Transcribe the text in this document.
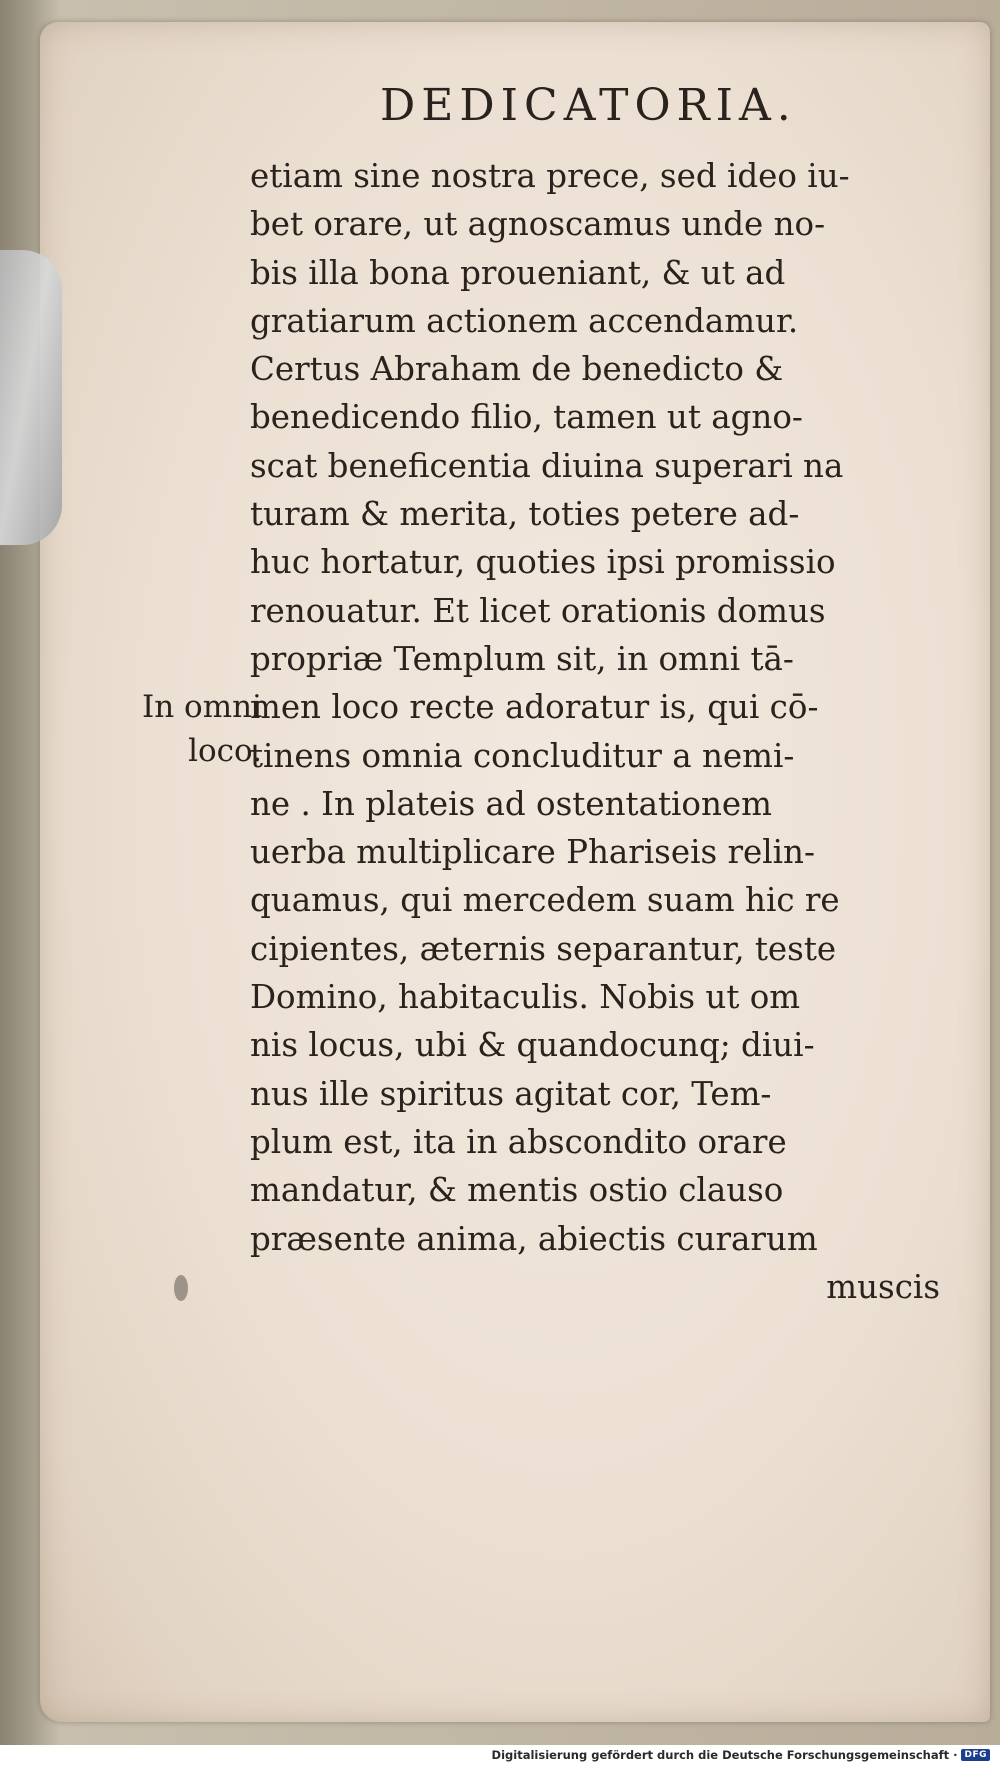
DEDICATORIA.
In omni
loco.
etiam sine nostra prece, sed ideo iu-
bet orare, ut agnoscamus unde no-
bis illa bona proueniant, & ut ad
gratiarum actionem accendamur.
Certus Abraham de benedicto &
benedicendo filio, tamen ut agno-
scat beneficentia diuina superari na
turam & merita, toties petere ad-
huc hortatur, quoties ipsi promissio
renouatur. Et licet orationis domus
propriæ Templum sit, in omni tā-
men loco recte adoratur is, qui cō-
tinens omnia concluditur a nemi-
ne . In plateis ad ostentationem
uerba multiplicare Phariseis relin-
quamus, qui mercedem suam hic re
cipientes, æternis separantur, teste
Domino, habitaculis. Nobis ut om
nis locus, ubi & quandocunq; diui-
nus ille spiritus agitat cor, Tem-
plum est, ita in abscondito orare
mandatur, & mentis ostio clauso
præsente anima, abiectis curarum
muscis
Digitalisierung gefördert durch die Deutsche Forschungsgemeinschaft · DFG
